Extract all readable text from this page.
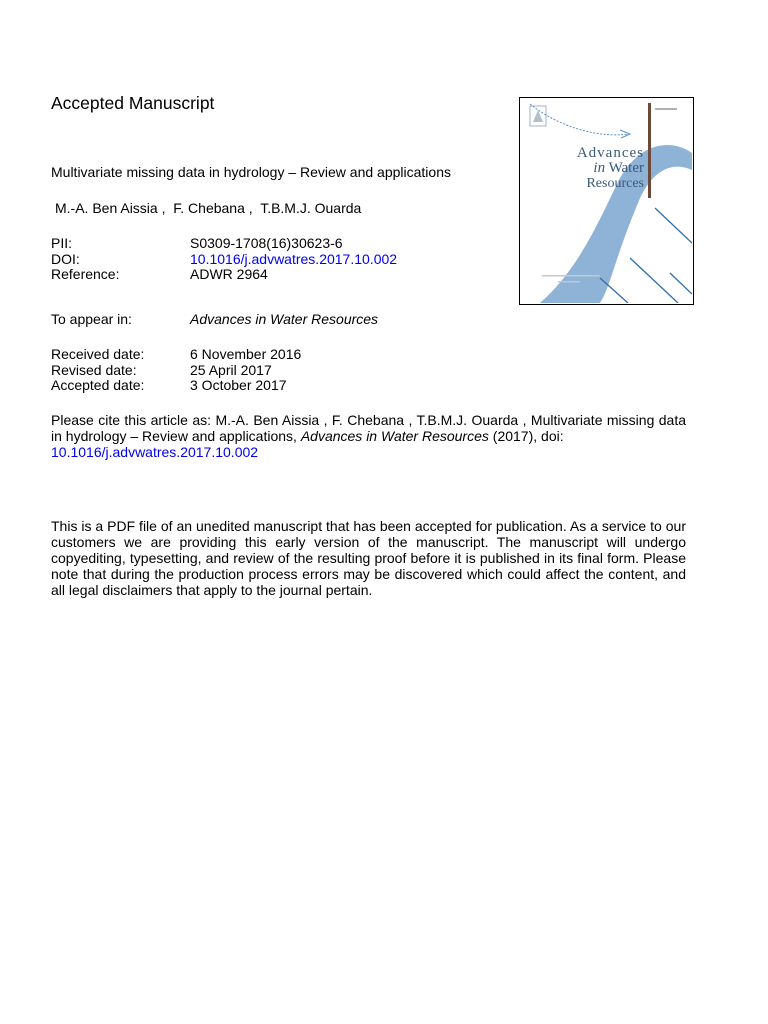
Accepted Manuscript
Multivariate missing data in hydrology – Review and applications
M.-A. Ben Aissia ,  F. Chebana ,  T.B.M.J. Ouarda
PII:	S0309-1708(16)30623-6
DOI:	10.1016/j.advwatres.2017.10.002
Reference:	ADWR 2964
To appear in:	Advances in Water Resources
Received date:	6 November 2016
Revised date:	25 April 2017
Accepted date:	3 October 2017
Please cite this article as: M.-A. Ben Aissia , F. Chebana , T.B.M.J. Ouarda , Multivariate missing data in hydrology – Review and applications, Advances in Water Resources (2017), doi:
10.1016/j.advwatres.2017.10.002
This is a PDF file of an unedited manuscript that has been accepted for publication. As a service to our customers we are providing this early version of the manuscript. The manuscript will undergo copyediting, typesetting, and review of the resulting proof before it is published in its final form. Please note that during the production process errors may be discovered which could affect the content, and all legal disclaimers that apply to the journal pertain.
Advances
in Water
Resources
